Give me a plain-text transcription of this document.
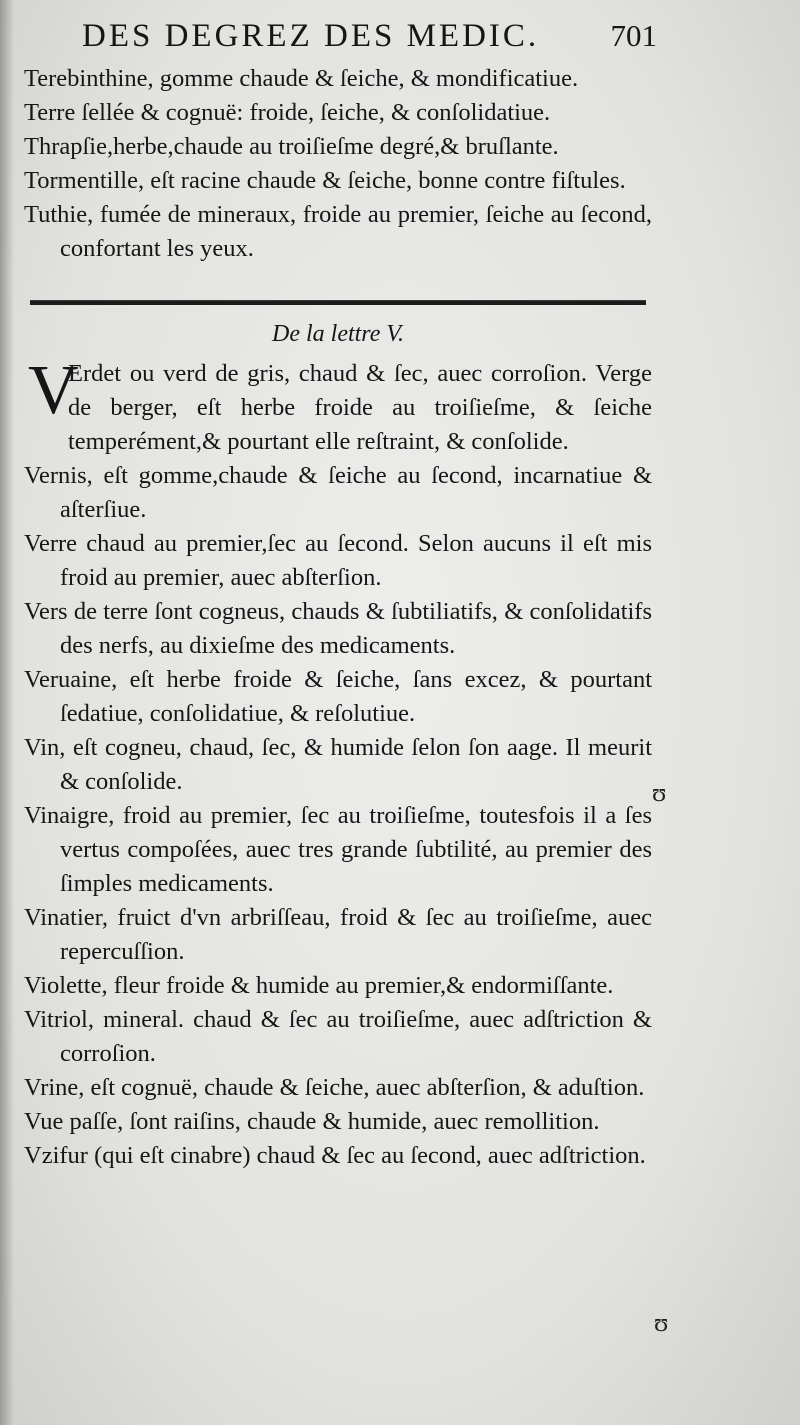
DES DEGREZ DES MEDIC. 701

Terebinthine, gomme chaude & ſeiche, & mondificatiue.

Terre ſellée & cognuë: froide, ſeiche, & conſolidatiue.

Thrapſie,herbe,chaude au troiſieſme degré,& bruſlante.

Tormentille, eſt racine chaude & ſeiche, bonne contre fiſtules.

Tuthie, fumée de mineraux, froide au premier, ſeiche au ſecond, confortant les yeux.

De la lettre V.

V
Erdet ou verd de gris, chaud & ſec, auec corroſion. Verge de berger, eſt herbe froide au troiſieſme, & ſeiche temperément,& pourtant elle reſtraint, & conſolide.

Vernis, eſt gomme,chaude & ſeiche au ſecond, incarnatiue & aſterſiue.

Verre chaud au premier,ſec au ſecond. Selon aucuns il eſt mis froid au premier, auec abſterſion.

Vers de terre ſont cogneus, chauds & ſubtiliatifs, & conſolidatifs des nerfs, au dixieſme des medicaments.

Veruaine, eſt herbe froide & ſeiche, ſans excez, & pourtant ſedatiue, conſolidatiue, & reſolutiue.

Vin, eſt cogneu, chaud, ſec, & humide ſelon ſon aage. Il meurit & conſolide.

Vinaigre, froid au premier, ſec au troiſieſme, toutesfois il a ſes vertus compoſées, auec tres grande ſubtilité, au premier des ſimples medicaments.

Vinatier, fruict d'vn arbriſſeau, froid & ſec au troiſieſme, auec repercuſſion.

Violette, fleur froide & humide au premier,& endormiſſante.

Vitriol, mineral. chaud & ſec au troiſieſme, auec adſtriction & corroſion.

Vrine, eſt cognuë, chaude & ſeiche, auec abſterſion, & aduſtion.

Vue paſſe, ſont raiſins, chaude & humide, auec remollition.

Vzifur (qui eſt cinabre) chaud & ſec au ſecond, auec adſtriction.

ʊ
ʊ
